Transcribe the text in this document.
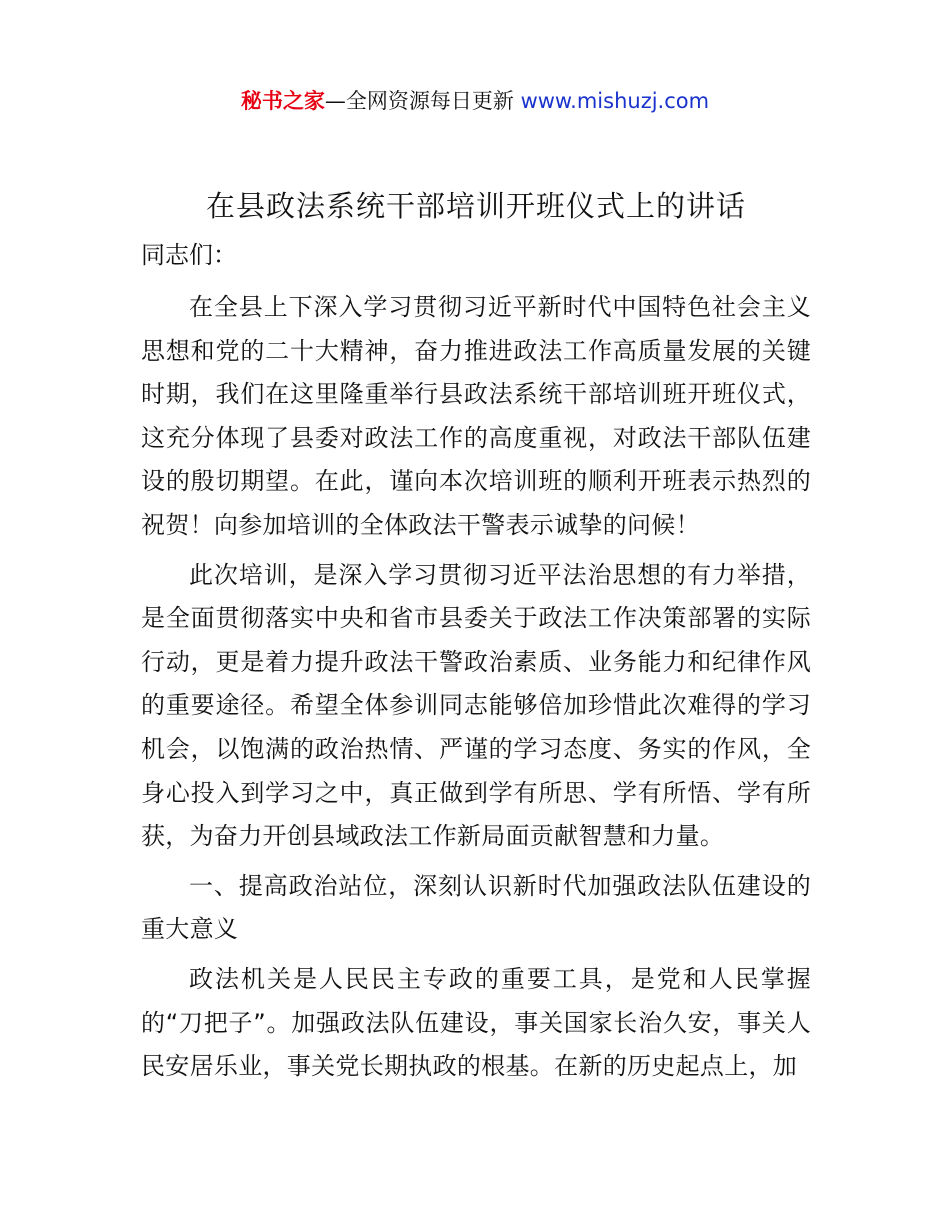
秘书之家—全网资源每日更新 www.mishuzj.com
在县政法系统干部培训开班仪式上的讲话

同志们：

在全县上下深入学习贯彻习近平新时代中国特色社会主义思想和党的二十大精神，奋力推进政法工作高质量发展的关键时期，我们在这里隆重举行县政法系统干部培训班开班仪式，这充分体现了县委对政法工作的高度重视，对政法干部队伍建设的殷切期望。在此，谨向本次培训班的顺利开班表示热烈的祝贺！向参加培训的全体政法干警表示诚挚的问候！

此次培训，是深入学习贯彻习近平法治思想的有力举措，是全面贯彻落实中央和省市县委关于政法工作决策部署的实际行动，更是着力提升政法干警政治素质、业务能力和纪律作风的重要途径。希望全体参训同志能够倍加珍惜此次难得的学习机会，以饱满的政治热情、严谨的学习态度、务实的作风，全身心投入到学习之中，真正做到学有所思、学有所悟、学有所获，为奋力开创县域政法工作新局面贡献智慧和力量。

一、提高政治站位，深刻认识新时代加强政法队伍建设的重大意义

政法机关是人民民主专政的重要工具，是党和人民掌握的“刀把子”。加强政法队伍建设，事关国家长治久安，事关人民安居乐业，事关党长期执政的根基。在新的历史起点上，加
